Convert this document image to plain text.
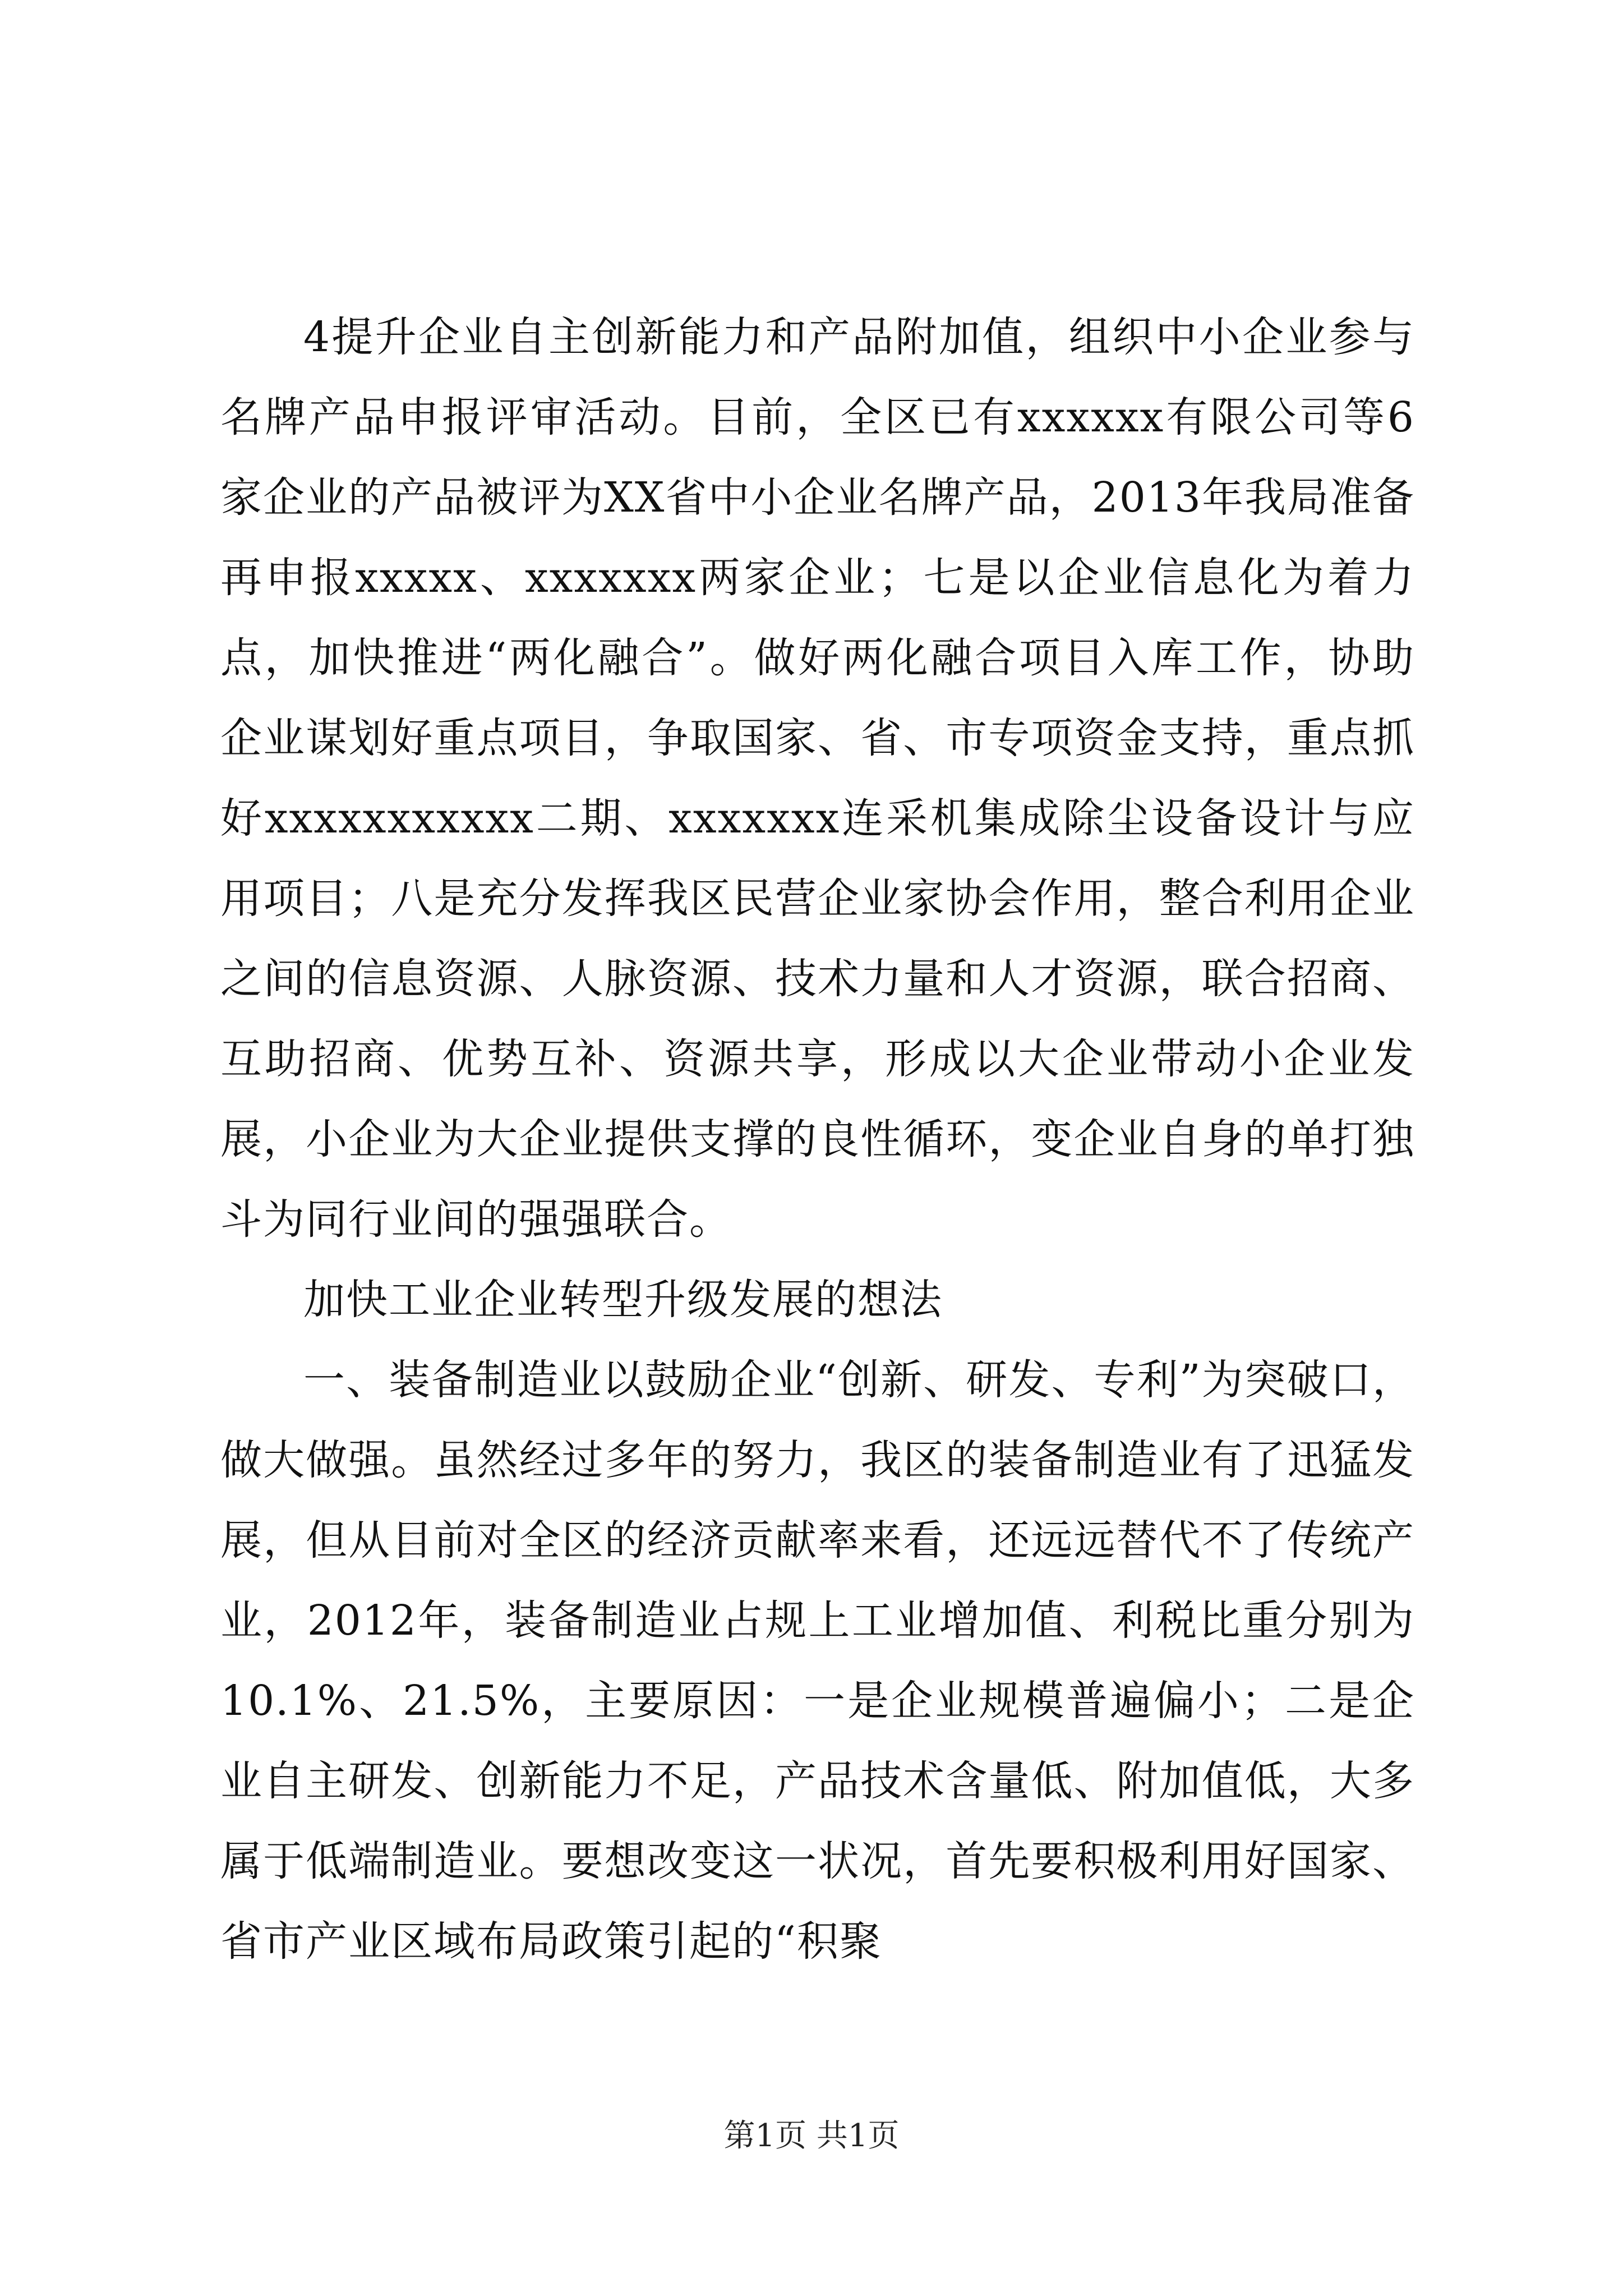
4提升企业自主创新能力和产品附加值，组织中小企业参与名牌产品申报评审活动。目前，全区已有xxxxxx有限公司等6家企业的产品被评为XX省中小企业名牌产品，2013年我局准备再申报xxxxx、xxxxxxx两家企业；七是以企业信息化为着力点，加快推进“两化融合”。做好两化融合项目入库工作，协助企业谋划好重点项目，争取国家、省、市专项资金支持，重点抓好xxxxxxxxxxx二期、xxxxxxx连采机集成除尘设备设计与应用项目；八是充分发挥我区民营企业家协会作用，整合利用企业之间的信息资源、人脉资源、技术力量和人才资源，联合招商、互助招商、优势互补、资源共享，形成以大企业带动小企业发展，小企业为大企业提供支撑的良性循环，变企业自身的单打独斗为同行业间的强强联合。

加快工业企业转型升级发展的想法

一、装备制造业以鼓励企业“创新、研发、专利”为突破口，做大做强。虽然经过多年的努力，我区的装备制造业有了迅猛发展，但从目前对全区的经济贡献率来看，还远远替代不了传统产业，2012年，装备制造业占规上工业增加值、利税比重分别为10.1%、21.5%，主要原因：一是企业规模普遍偏小；二是企业自主研发、创新能力不足，产品技术含量低、附加值低，大多属于低端制造业。要想改变这一状况，首先要积极利用好国家、省市产业区域布局政策引起的“积聚

第1页 共1页
